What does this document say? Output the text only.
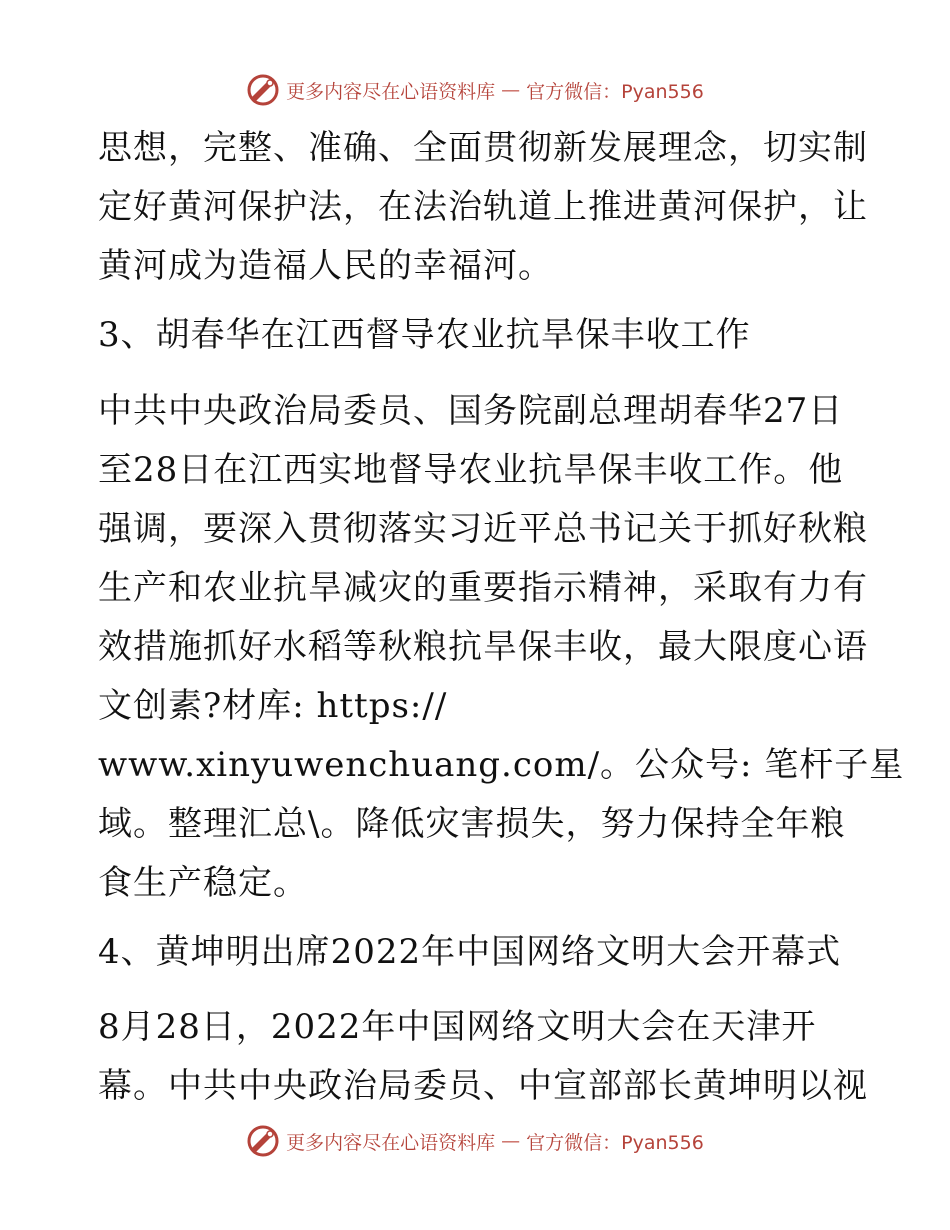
更多内容尽在心语资料库 — 官方微信：Pyan556
思想，完整、准确、全面贯彻新发展理念，切实制
定好黄河保护法，在法治轨道上推进黄河保护，让
黄河成为造福人民的幸福河。
3、胡春华在江西督导农业抗旱保丰收工作
中共中央政治局委员、国务院副总理胡春华27日
至28日在江西实地督导农业抗旱保丰收工作。他
强调，要深入贯彻落实习近平总书记关于抓好秋粮
生产和农业抗旱减灾的重要指示精神，采取有力有
效措施抓好水稻等秋粮抗旱保丰收，最大限度心语
文创素?材库: https://
www.xinyuwenchuang.com/。公众号: 笔杆子星
域。整理汇总\。降低灾害损失，努力保持全年粮
食生产稳定。
4、黄坤明出席2022年中国网络文明大会开幕式
8月28日，2022年中国网络文明大会在天津开
幕。中共中央政治局委员、中宣部部长黄坤明以视
更多内容尽在心语资料库 — 官方微信：Pyan556
